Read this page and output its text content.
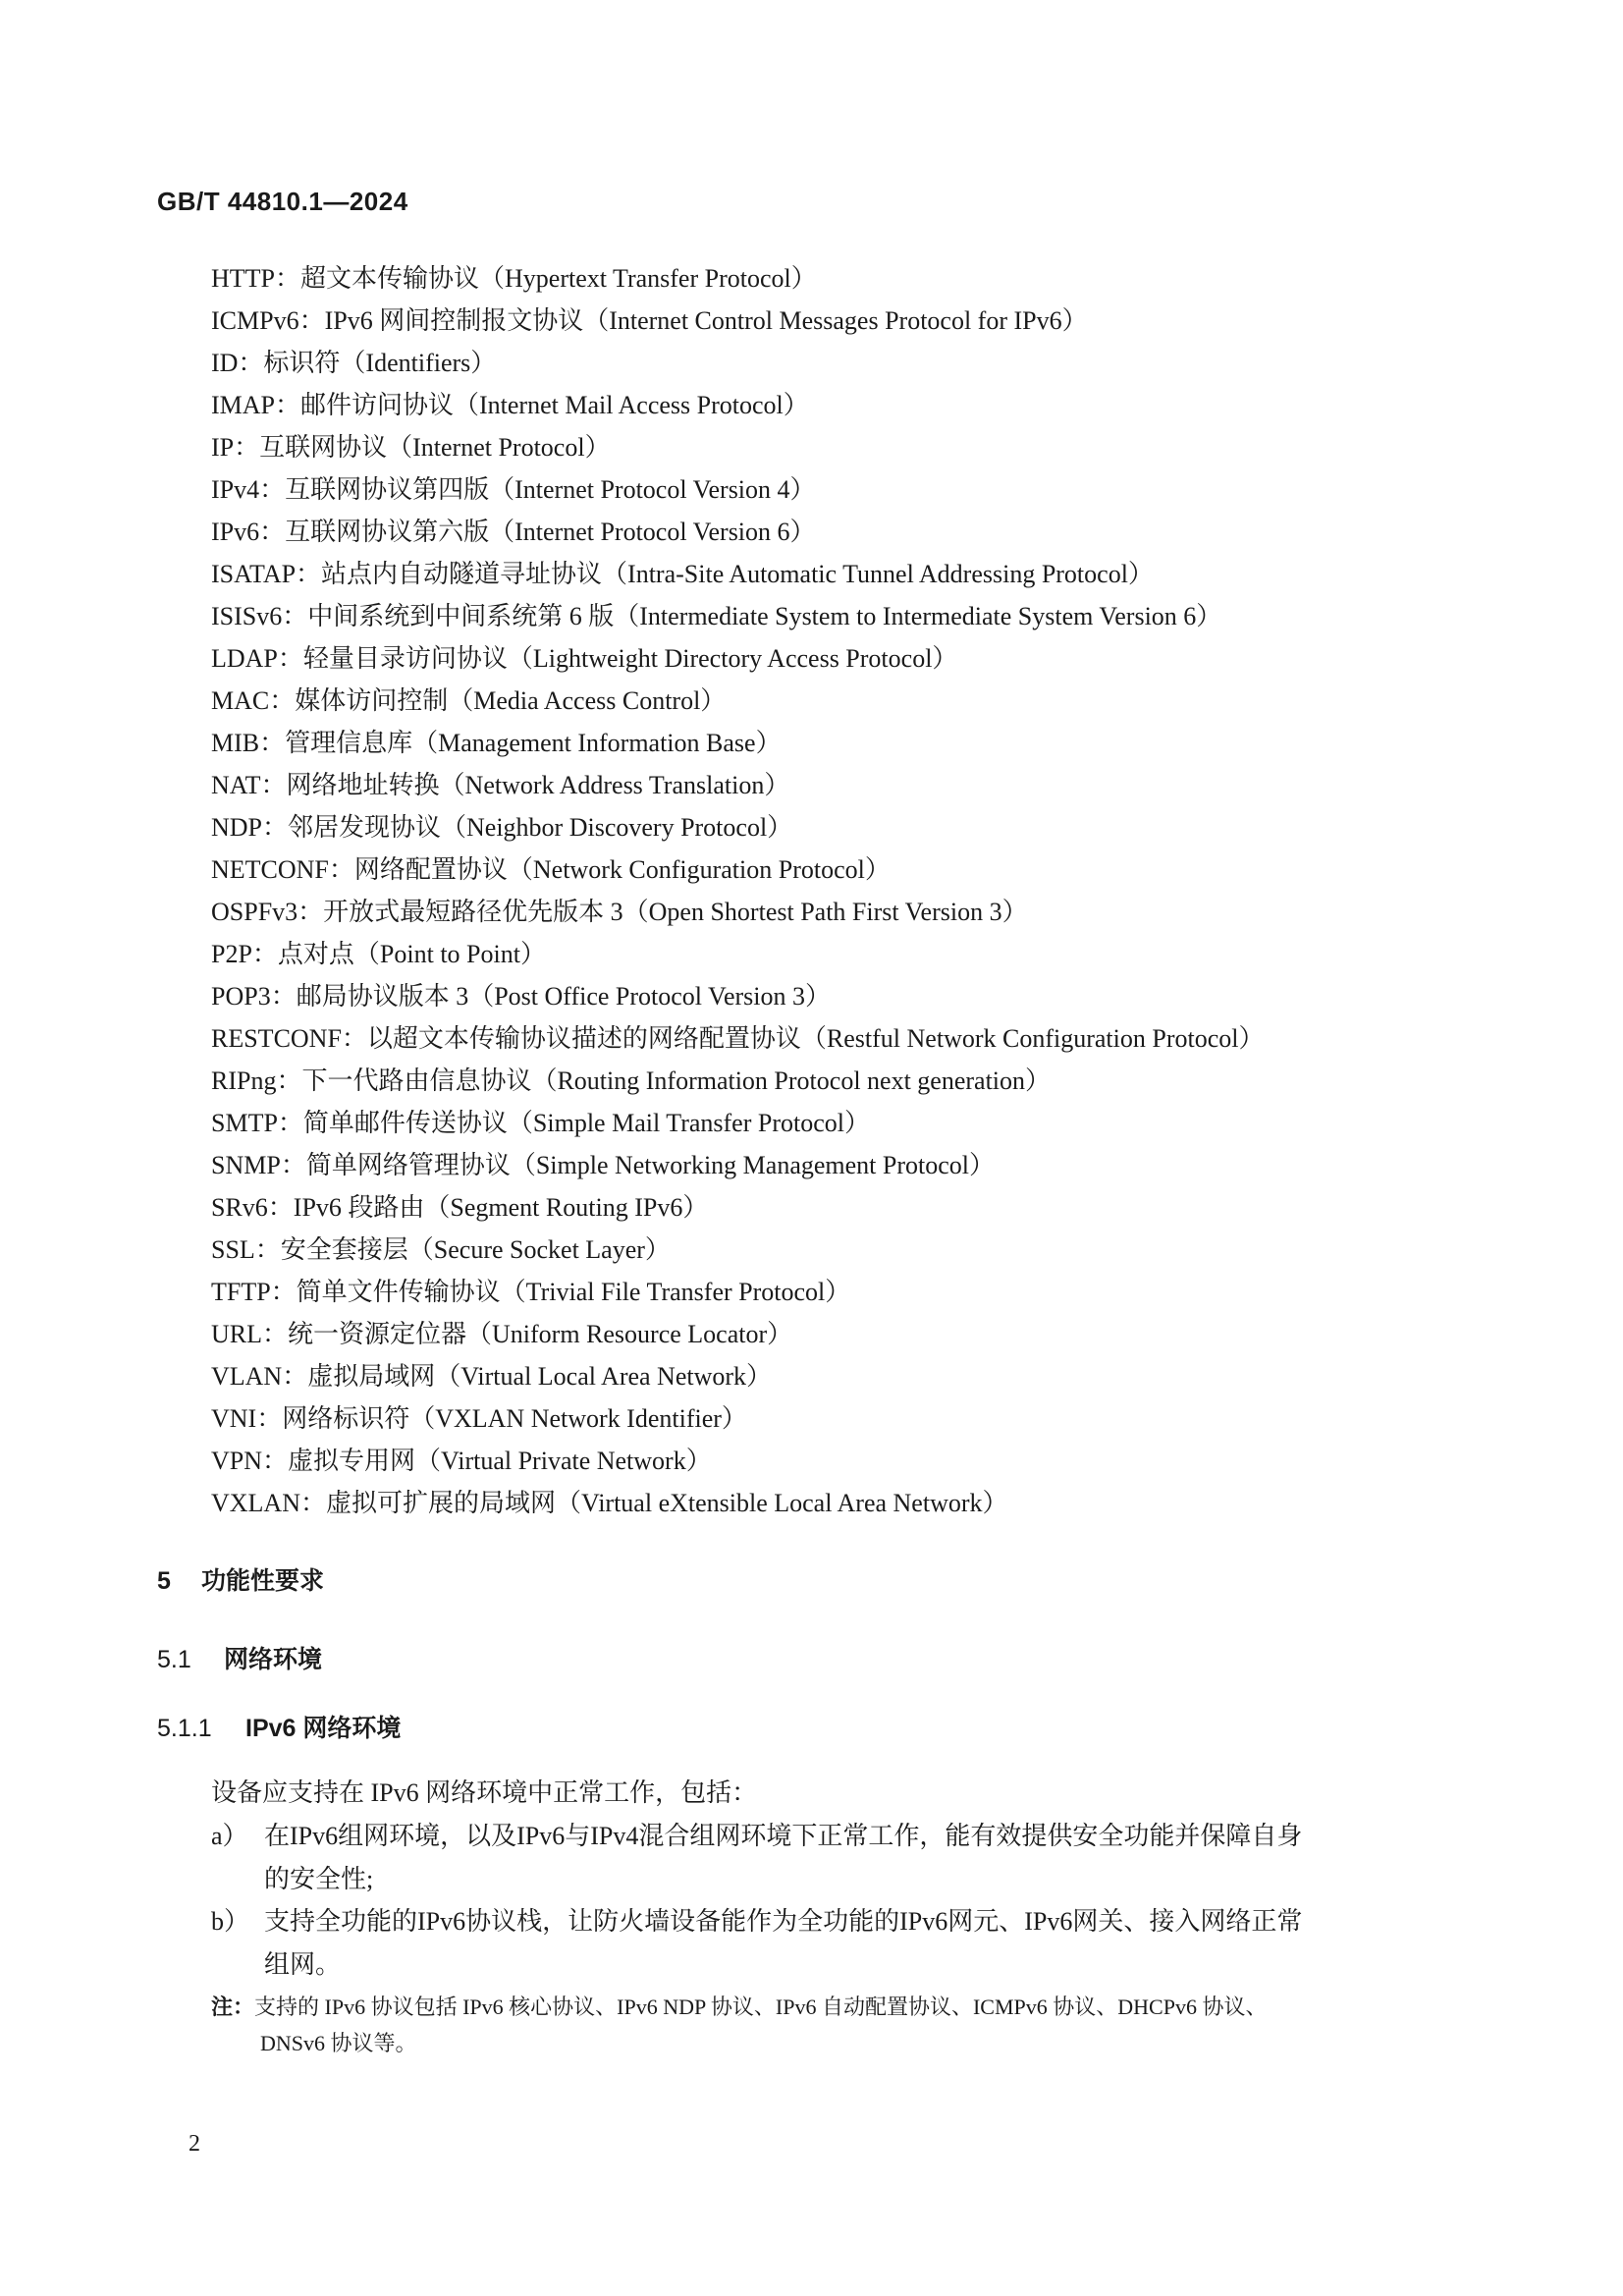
GB/T 44810.1—2024
HTTP：超文本传输协议（Hypertext Transfer Protocol）
ICMPv6：IPv6 网间控制报文协议（Internet Control Messages Protocol for IPv6）
ID：标识符（Identifiers）
IMAP：邮件访问协议（Internet Mail Access Protocol）
IP：互联网协议（Internet Protocol）
IPv4：互联网协议第四版（Internet Protocol Version 4）
IPv6：互联网协议第六版（Internet Protocol Version 6）
ISATAP：站点内自动隧道寻址协议（Intra-Site Automatic Tunnel Addressing Protocol）
ISISv6：中间系统到中间系统第 6 版（Intermediate System to Intermediate System Version 6）
LDAP：轻量目录访问协议（Lightweight Directory Access Protocol）
MAC：媒体访问控制（Media Access Control）
MIB：管理信息库（Management Information Base）
NAT：网络地址转换（Network Address Translation）
NDP：邻居发现协议（Neighbor Discovery Protocol）
NETCONF：网络配置协议（Network Configuration Protocol）
OSPFv3：开放式最短路径优先版本 3（Open Shortest Path First Version 3）
P2P：点对点（Point to Point）
POP3：邮局协议版本 3（Post Office Protocol Version 3）
RESTCONF：以超文本传输协议描述的网络配置协议（Restful Network Configuration Protocol）
RIPng：下一代路由信息协议（Routing Information Protocol next generation）
SMTP：简单邮件传送协议（Simple Mail Transfer Protocol）
SNMP：简单网络管理协议（Simple Networking Management Protocol）
SRv6：IPv6 段路由（Segment Routing IPv6）
SSL：安全套接层（Secure Socket Layer）
TFTP：简单文件传输协议（Trivial File Transfer Protocol）
URL：统一资源定位器（Uniform Resource Locator）
VLAN：虚拟局域网（Virtual Local Area Network）
VNI：网络标识符（VXLAN Network Identifier）
VPN：虚拟专用网（Virtual Private Network）
VXLAN：虚拟可扩展的局域网（Virtual eXtensible Local Area Network）
5 功能性要求
5.1 网络环境
5.1.1 IPv6 网络环境
设备应支持在 IPv6 网络环境中正常工作，包括：
a） 在IPv6组网环境，以及IPv6与IPv4混合组网环境下正常工作，能有效提供安全功能并保障自身
的安全性;
b） 支持全功能的IPv6协议栈，让防火墙设备能作为全功能的IPv6网元、IPv6网关、接入网络正常
组网。
注：支持的 IPv6 协议包括 IPv6 核心协议、IPv6 NDP 协议、IPv6 自动配置协议、ICMPv6 协议、DHCPv6 协议、
DNSv6 协议等。
2
